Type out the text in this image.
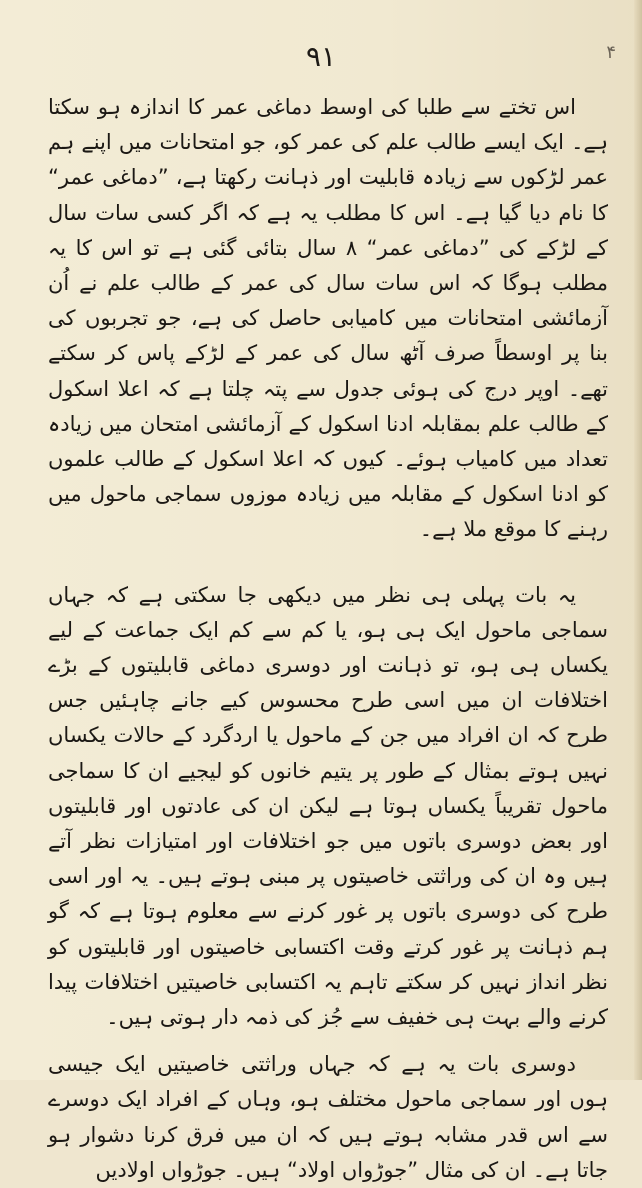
۹۱	۴

اس تختے سے طلبا کی اوسط دماغی عمر کا اندازہ ہو سکتا ہے۔ ایک ایسے طالب علم کی عمر کو، جو امتحانات میں اپنے ہم عمر لڑکوں سے زیادہ قابلیت اور ذہانت رکھتا ہے، ”دماغی عمر“ کا نام دیا گیا ہے۔ اس کا مطلب یہ ہے کہ اگر کسی سات سال کے لڑکے کی ”دماغی عمر“ ۸ سال بتائی گئی ہے تو اس کا یہ مطلب ہوگا کہ اس سات سال کی عمر کے طالب علم نے اُن آزمائشی امتحانات میں کامیابی حاصل کی ہے، جو تجربوں کی بنا پر اوسطاً صرف آٹھ سال کی عمر کے لڑکے پاس کر سکتے تھے۔ اوپر درج کی ہوئی جدول سے پتہ چلتا ہے کہ اعلا اسکول کے طالب علم بمقابلہ ادنا اسکول کے آزمائشی امتحان میں زیادہ تعداد میں کامیاب ہوئے۔ کیوں کہ اعلا اسکول کے طالب علموں کو ادنا اسکول کے مقابلہ میں زیادہ موزوں سماجی ماحول میں رہنے کا موقع ملا ہے۔

یہ بات پہلی ہی نظر میں دیکھی جا سکتی ہے کہ جہاں سماجی ماحول ایک ہی ہو، یا کم سے کم ایک جماعت کے لیے یکساں ہی ہو، تو ذہانت اور دوسری دماغی قابلیتوں کے بڑے اختلافات ان میں اسی طرح محسوس کیے جانے چاہئیں جس طرح کہ ان افراد میں جن کے ماحول یا اردگرد کے حالات یکساں نہیں ہوتے بمثال کے طور پر یتیم خانوں کو لیجیے ان کا سماجی ماحول تقریباً یکساں ہوتا ہے لیکن ان کی عادتوں اور قابلیتوں اور بعض دوسری باتوں میں جو اختلافات اور امتیازات نظر آتے ہیں وہ ان کی وراثتی خاصیتوں پر مبنی ہوتے ہیں۔ یہ اور اسی طرح کی دوسری باتوں پر غور کرنے سے معلوم ہوتا ہے کہ گو ہم ذہانت پر غور کرتے وقت اکتسابی خاصیتوں اور قابلیتوں کو نظر انداز نہیں کر سکتے تاہم یہ اکتسابی خاصیتیں اختلافات پیدا کرنے والے بہت ہی خفیف سے جُز کی ذمہ دار ہوتی ہیں۔

دوسری بات یہ ہے کہ جہاں وراثتی خاصیتیں ایک جیسی ہوں اور سماجی ماحول مختلف ہو، وہاں کے افراد ایک دوسرے سے اس قدر مشابہ ہوتے ہیں کہ ان میں فرق کرنا دشوار ہو جاتا ہے۔ ان کی مثال ”جوڑواں اولاد“ ہیں۔ جوڑواں اولادیں
